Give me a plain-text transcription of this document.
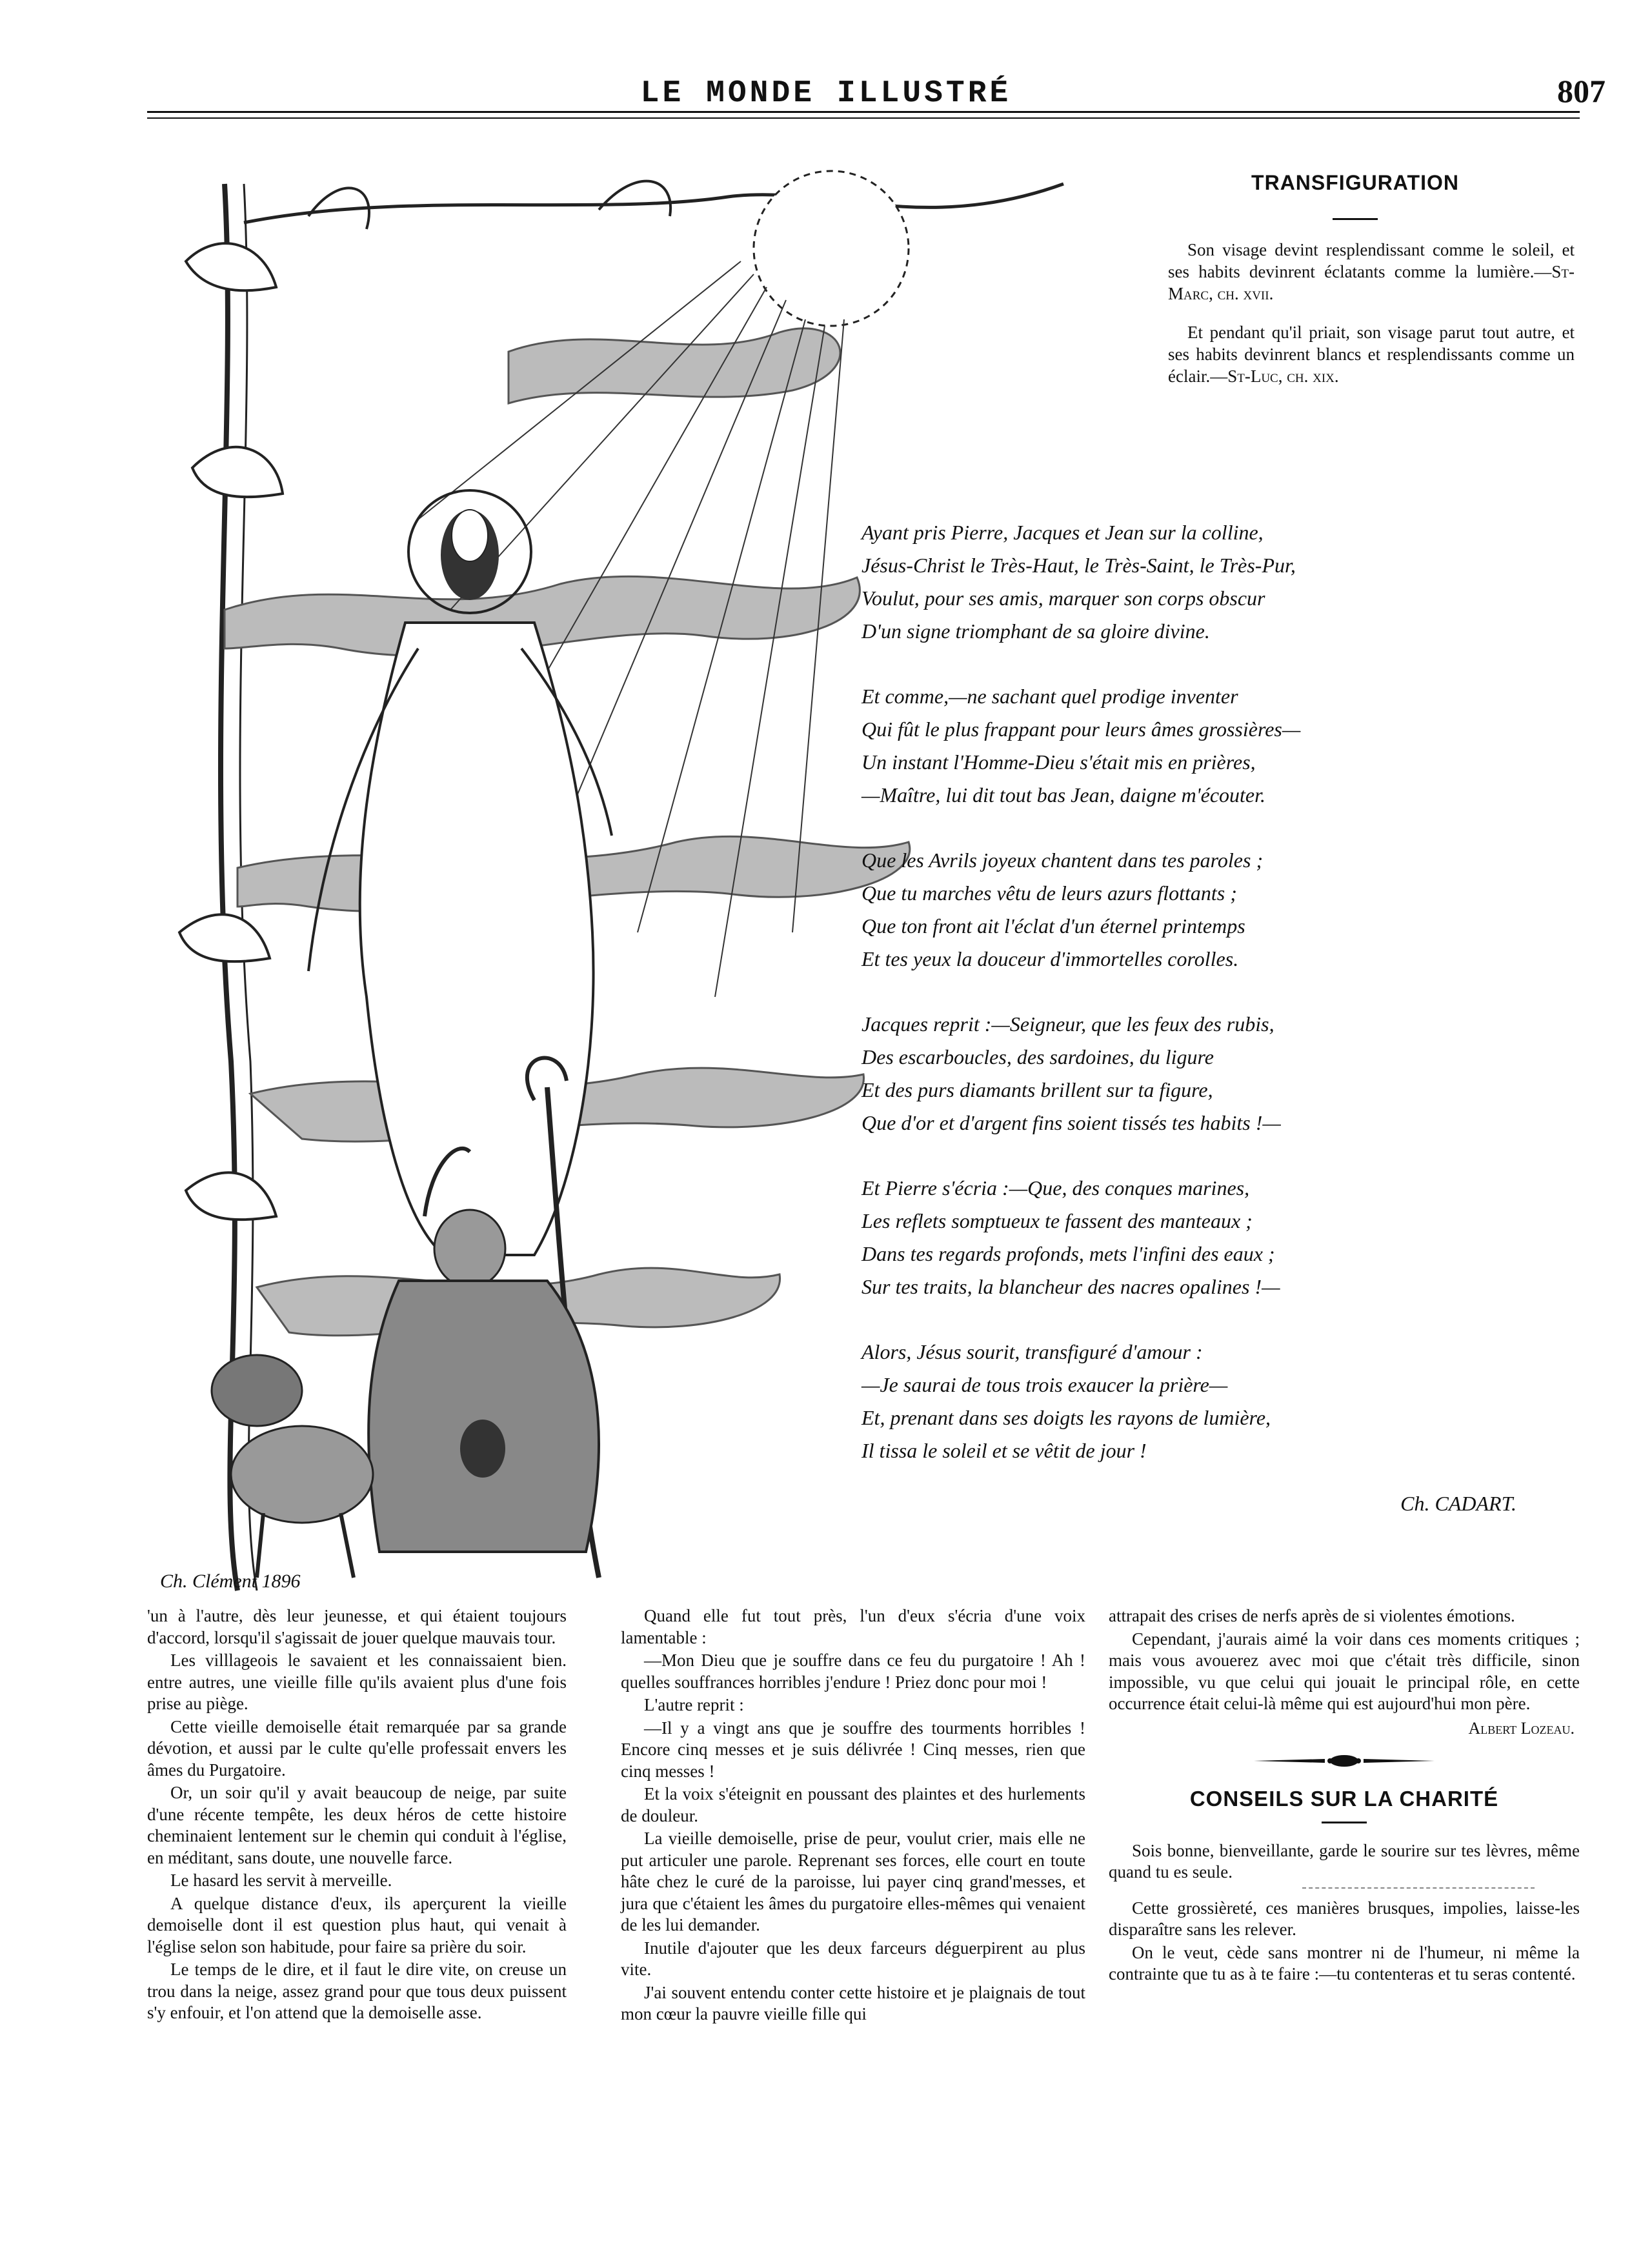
LE MONDE ILLUSTRÉ	807
Ch. Clément 1896
TRANSFIGURATION
Son visage devint resplendissant comme le soleil, et ses habits devinrent éclatants comme la lumière.—St-Marc, ch. xvii.
Et pendant qu'il priait, son visage parut tout autre, et ses habits devinrent blancs et resplendissants comme un éclair.—St-Luc, ch. xix.
Ayant pris Pierre, Jacques et Jean sur la colline,
Jésus-Christ le Très-Haut, le Très-Saint, le Très-Pur,
Voulut, pour ses amis, marquer son corps obscur
D'un signe triomphant de sa gloire divine.
Et comme,—ne sachant quel prodige inventer
Qui fût le plus frappant pour leurs âmes grossières—
Un instant l'Homme-Dieu s'était mis en prières,
—Maître, lui dit tout bas Jean, daigne m'écouter.
Que les Avrils joyeux chantent dans tes paroles ;
Que tu marches vêtu de leurs azurs flottants ;
Que ton front ait l'éclat d'un éternel printemps
Et tes yeux la douceur d'immortelles corolles.
Jacques reprit :—Seigneur, que les feux des rubis,
Des escarboucles, des sardoines, du ligure
Et des purs diamants brillent sur ta figure,
Que d'or et d'argent fins soient tissés tes habits !—
Et Pierre s'écria :—Que, des conques marines,
Les reflets somptueux te fassent des manteaux ;
Dans tes regards profonds, mets l'infini des eaux ;
Sur tes traits, la blancheur des nacres opalines !—
Alors, Jésus sourit, transfiguré d'amour :
—Je saurai de tous trois exaucer la prière—
Et, prenant dans ses doigts les rayons de lumière,
Il tissa le soleil et se vêtit de jour !
Ch. CADART.

'un à l'autre, dès leur jeunesse, et qui étaient toujours d'accord, lorsqu'il s'agissait de jouer quelque mauvais tour.

Les villlageois le savaient et les connaissaient bien. entre autres, une vieille fille qu'ils avaient plus d'une fois prise au piège.

Cette vieille demoiselle était remarquée par sa grande dévotion, et aussi par le culte qu'elle professait envers les âmes du Purgatoire.

Or, un soir qu'il y avait beaucoup de neige, par suite d'une récente tempête, les deux héros de cette histoire cheminaient lentement sur le chemin qui conduit à l'église, en méditant, sans doute, une nouvelle farce.

Le hasard les servit à merveille.

A quelque distance d'eux, ils aperçurent la vieille demoiselle dont il est question plus haut, qui venait à l'église selon son habitude, pour faire sa prière du soir.

Le temps de le dire, et il faut le dire vite, on creuse un trou dans la neige, assez grand pour que tous deux puissent s'y enfouir, et l'on attend que la demoiselle asse.

Quand elle fut tout près, l'un d'eux s'écria d'une voix lamentable :

—Mon Dieu que je souffre dans ce feu du purgatoire ! Ah ! quelles souffrances horribles j'endure ! Priez donc pour moi !

L'autre reprit :

—Il y a vingt ans que je souffre des tourments horribles ! Encore cinq messes et je suis délivrée ! Cinq messes, rien que cinq messes !

Et la voix s'éteignit en poussant des plaintes et des hurlements de douleur.

La vieille demoiselle, prise de peur, voulut crier, mais elle ne put articuler une parole. Reprenant ses forces, elle court en toute hâte chez le curé de la paroisse, lui payer cinq grand'messes, et jura que c'étaient les âmes du purgatoire elles-mêmes qui venaient de les lui demander.

Inutile d'ajouter que les deux farceurs déguerpirent au plus vite.

J'ai souvent entendu conter cette histoire et je plaignais de tout mon cœur la pauvre vieille fille qui

attrapait des crises de nerfs après de si violentes émotions.

Cependant, j'aurais aimé la voir dans ces moments critiques ; mais vous avouerez avec moi que c'était très difficile, sinon impossible, vu que celui qui jouait le principal rôle, en cette occurrence était celui-là même qui est aujourd'hui mon père.

Albert Lozeau.
CONSEILS SUR LA CHARITÉ

Sois bonne, bienveillante, garde le sourire sur tes lèvres, même quand tu es seule.

Cette grossièreté, ces manières brusques, impolies, laisse-les disparaître sans les relever.

On le veut, cède sans montrer ni de l'humeur, ni même la contrainte que tu as à te faire :—tu contenteras et tu seras contenté.
